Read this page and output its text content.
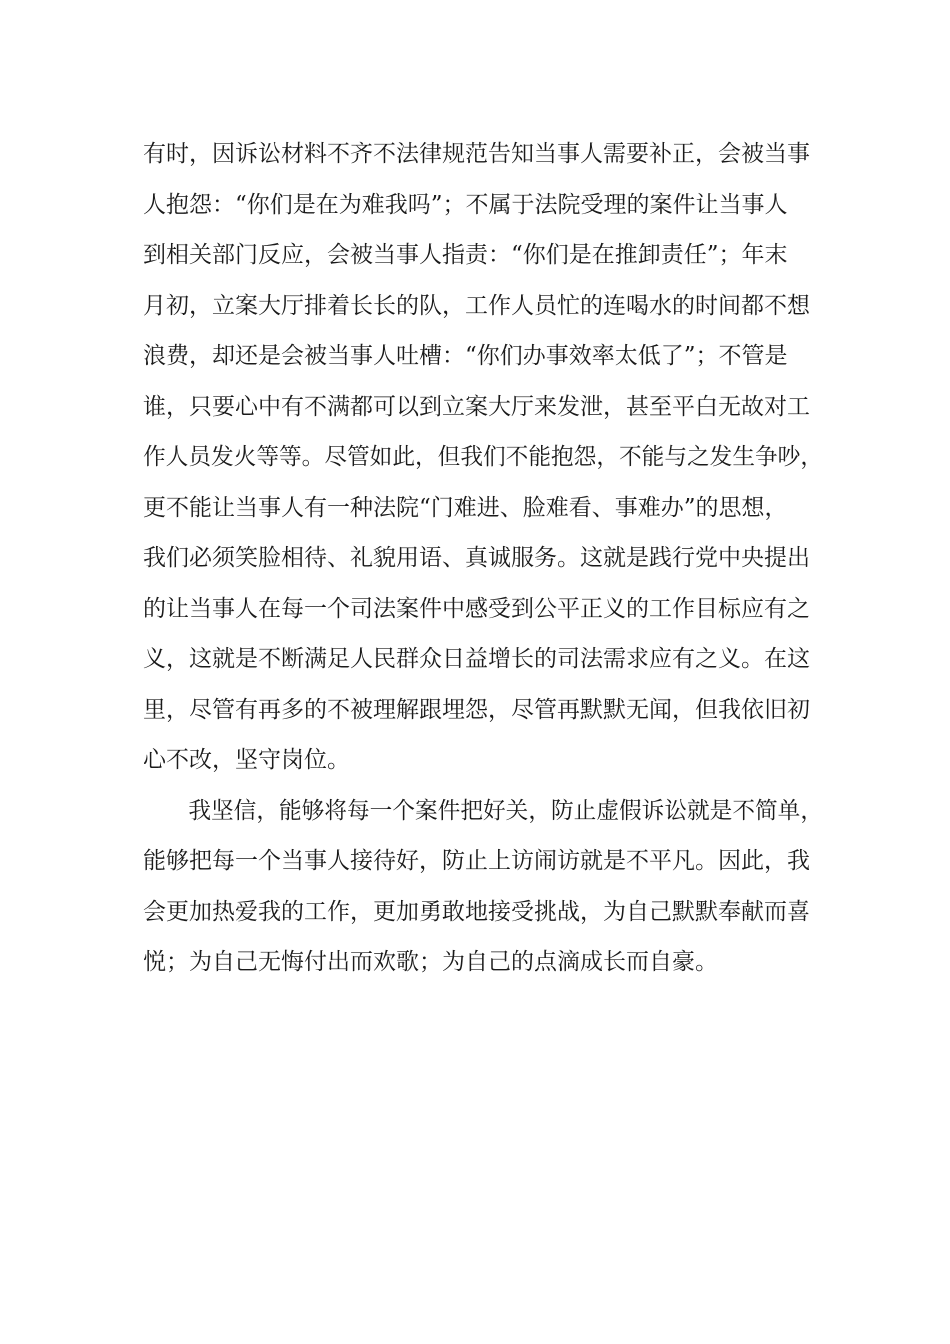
有时，因诉讼材料不齐不法律规范告知当事人需要补正，会被当事
人抱怨：“你们是在为难我吗”；不属于法院受理的案件让当事人
到相关部门反应，会被当事人指责：“你们是在推卸责任”；年末
月初，立案大厅排着长长的队，工作人员忙的连喝水的时间都不想
浪费，却还是会被当事人吐槽：“你们办事效率太低了”；不管是
谁，只要心中有不满都可以到立案大厅来发泄，甚至平白无故对工
作人员发火等等。尽管如此，但我们不能抱怨，不能与之发生争吵，
更不能让当事人有一种法院“门难进、脸难看、事难办”的思想，
我们必须笑脸相待、礼貌用语、真诚服务。这就是践行党中央提出
的让当事人在每一个司法案件中感受到公平正义的工作目标应有之
义，这就是不断满足人民群众日益增长的司法需求应有之义。在这
里，尽管有再多的不被理解跟埋怨，尽管再默默无闻，但我依旧初
心不改，坚守岗位。

我坚信，能够将每一个案件把好关，防止虚假诉讼就是不简单，
能够把每一个当事人接待好，防止上访闹访就是不平凡。因此，我
会更加热爱我的工作，更加勇敢地接受挑战，为自己默默奉献而喜
悦；为自己无悔付出而欢歌；为自己的点滴成长而自豪。
